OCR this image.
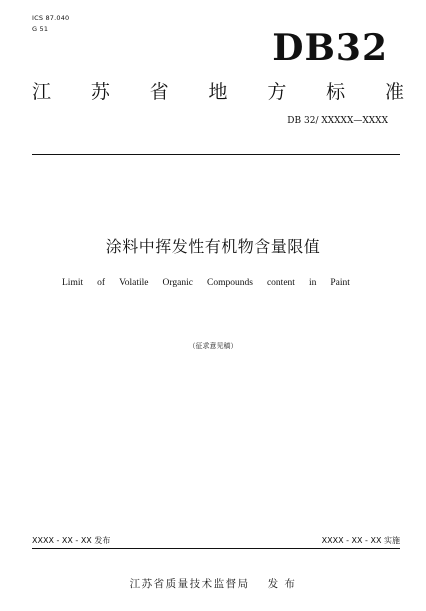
ICS 87.040
G 51	DB32
江 苏 省 地 方 标 准
DB 32/ XXXXX—XXXX
涂料中挥发性有机物含量限值
Limit of Volatile Organic Compounds content in Paint
（征求意见稿）
XXXX - XX - XX 发布	XXXX - XX - XX 实施
江苏省质量技术监督局 发 布
